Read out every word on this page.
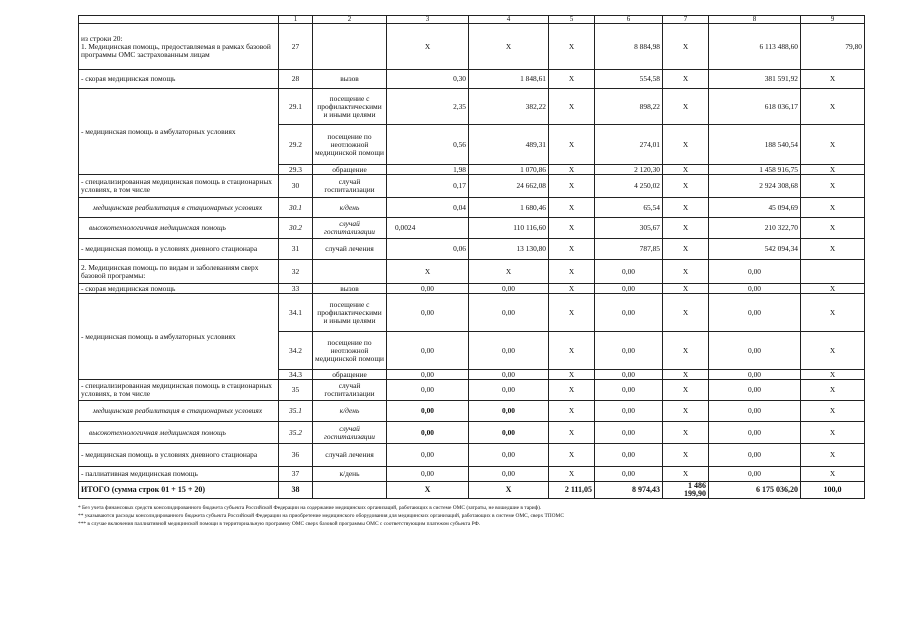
	1	2	3	4	5	6	7	8	9
из строки 20:
1. Медицинская помощь, предоставляемая в рамках базовой программы ОМС застрахованным лицам	27		Х	Х	Х	8 884,98	Х	6 113 488,60	79,80
- скорая медицинская помощь	28	вызов	0,30	1 848,61	Х	554,58	Х	381 591,92	Х
- медицинская помощь в амбулаторных условиях	29.1	посещение с профилактическими и иными целями	2,35	382,22	Х	898,22	Х	618 036,17	Х
	29.2	посещение по неотложной медицинской помощи	0,56	489,31	Х	274,01	Х	188 540,54	Х
	29.3	обращение	1,98	1 070,86	Х	2 120,30	Х	1 458 916,75	Х
- специализированная медицинская помощь в стационарных условиях, в том числе	30	случай госпитализации	0,17	24 662,08	Х	4 250,02	Х	2 924 308,68	Х
медицинская реабилитация в стационарных условиях	30.1	к/день	0,04	1 680,46	Х	65,54	Х	45 094,69	Х
высокотехнологичная медицинская помощь	30.2	случай госпитализации	0,0024	110 116,60	Х	305,67	Х	210 322,70	Х
- медицинская помощь в условиях дневного стационара	31	случай лечения	0,06	13 130,80	Х	787,85	Х	542 094,34	Х
2. Медицинская помощь по видам и заболеваниям сверх базовой программы:	32		Х	Х	Х	0,00	Х	0,00	
- скорая медицинская помощь	33	вызов	0,00	0,00	Х	0,00	Х	0,00	Х
- медицинская помощь в амбулаторных условиях	34.1	посещение с профилактическими и иными целями	0,00	0,00	Х	0,00	Х	0,00	Х
	34.2	посещение по неотложной медицинской помощи	0,00	0,00	Х	0,00	Х	0,00	Х
	34.3	обращение	0,00	0,00	Х	0,00	Х	0,00	Х
- специализированная медицинская помощь в стационарных условиях, в том числе	35	случай госпитализации	0,00	0,00	Х	0,00	Х	0,00	Х
медицинская реабилитация в стационарных условиях	35.1	к/день	0,00	0,00	Х	0,00	Х	0,00	Х
высокотехнологичная медицинская помощь	35.2	случай госпитализации	0,00	0,00	Х	0,00	Х	0,00	Х
- медицинская помощь в условиях дневного стационара	36	случай лечения	0,00	0,00	Х	0,00	Х	0,00	Х
- паллиативная медицинская помощь	37	к/день	0,00	0,00	Х	0,00	Х	0,00	Х
ИТОГО (сумма строк 01 + 15 + 20)	38		Х	Х	2 111,05	8 974,43	1 486 199,90	6 175 036,20	100,0
* Без учета финансовых средств консолидированного бюджета субъекта Российской Федерации на содержание медицинских организаций, работающих в системе ОМС (затраты, не вошедшие в тариф).
** указываются расходы консолидированного бюджета субъекта Российской Федерации на приобретение медицинского оборудования для медицинских организаций, работающих в системе ОМС, сверх ТПОМС
*** в случае включения паллиативной медицинской помощи в территориальную программу ОМС сверх базовой программы ОМС с соответствующим платежом субъекта РФ.
